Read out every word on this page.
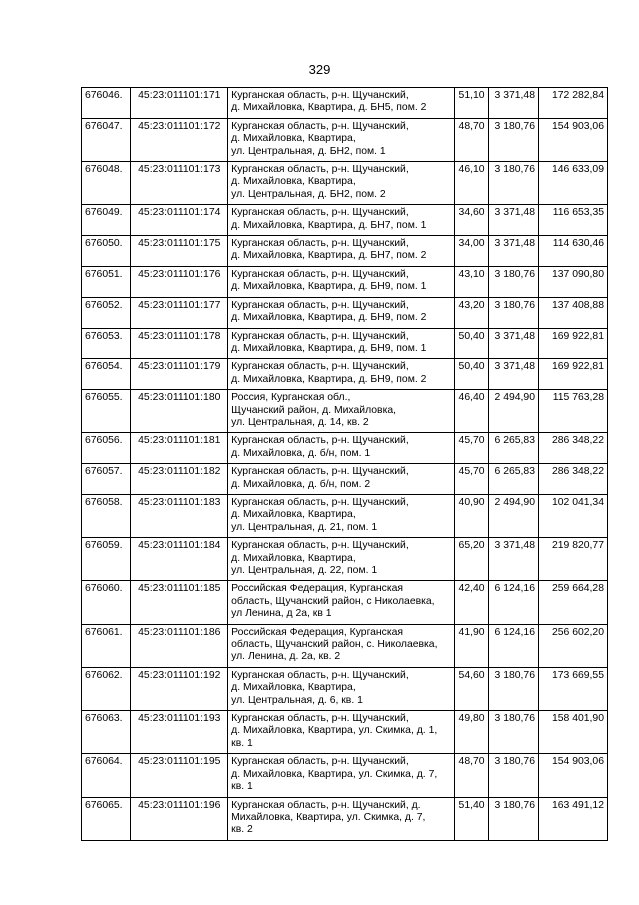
329
676046.	45:23:011101:171	Курганская область, р-н. Щучанский,
д. Михайловка, Квартира, д. БН5, пом. 2	51,10	3 371,48	172 282,84
676047.	45:23:011101:172	Курганская область, р-н. Щучанский,
д. Михайловка, Квартира,
ул. Центральная, д. БН2, пом. 1	48,70	3 180,76	154 903,06
676048.	45:23:011101:173	Курганская область, р-н. Щучанский,
д. Михайловка, Квартира,
ул. Центральная, д. БН2, пом. 2	46,10	3 180,76	146 633,09
676049.	45:23:011101:174	Курганская область, р-н. Щучанский,
д. Михайловка, Квартира, д. БН7, пом. 1	34,60	3 371,48	116 653,35
676050.	45:23:011101:175	Курганская область, р-н. Щучанский,
д. Михайловка, Квартира, д. БН7, пом. 2	34,00	3 371,48	114 630,46
676051.	45:23:011101:176	Курганская область, р-н. Щучанский,
д. Михайловка, Квартира, д. БН9, пом. 1	43,10	3 180,76	137 090,80
676052.	45:23:011101:177	Курганская область, р-н. Щучанский,
д. Михайловка, Квартира, д. БН9, пом. 2	43,20	3 180,76	137 408,88
676053.	45:23:011101:178	Курганская область, р-н. Щучанский,
д. Михайловка, Квартира, д. БН9, пом. 1	50,40	3 371,48	169 922,81
676054.	45:23:011101:179	Курганская область, р-н. Щучанский,
д. Михайловка, Квартира, д. БН9, пом. 2	50,40	3 371,48	169 922,81
676055.	45:23:011101:180	Россия, Курганская обл.,
Щучанский район, д. Михайловка,
ул. Центральная, д. 14, кв. 2	46,40	2 494,90	115 763,28
676056.	45:23:011101:181	Курганская область, р-н. Щучанский,
д. Михайловка, д. б/н, пом. 1	45,70	6 265,83	286 348,22
676057.	45:23:011101:182	Курганская область, р-н. Щучанский,
д. Михайловка, д. б/н, пом. 2	45,70	6 265,83	286 348,22
676058.	45:23:011101:183	Курганская область, р-н. Щучанский,
д. Михайловка, Квартира,
ул. Центральная, д. 21, пом. 1	40,90	2 494,90	102 041,34
676059.	45:23:011101:184	Курганская область, р-н. Щучанский,
д. Михайловка, Квартира,
ул. Центральная, д. 22, пом. 1	65,20	3 371,48	219 820,77
676060.	45:23:011101:185	Российская Федерация, Курганская
область, Щучанский район, с Николаевка,
ул Ленина, д 2а, кв 1	42,40	6 124,16	259 664,28
676061.	45:23:011101:186	Российская Федерация, Курганская
область, Щучанский район, с. Николаевка,
ул. Ленина, д. 2а, кв. 2	41,90	6 124,16	256 602,20
676062.	45:23:011101:192	Курганская область, р-н. Щучанский,
д. Михайловка, Квартира,
ул. Центральная, д. 6, кв. 1	54,60	3 180,76	173 669,55
676063.	45:23:011101:193	Курганская область, р-н. Щучанский,
д. Михайловка, Квартира, ул. Скимка, д. 1,
кв. 1	49,80	3 180,76	158 401,90
676064.	45:23:011101:195	Курганская область, р-н. Щучанский,
д. Михайловка, Квартира, ул. Скимка, д. 7,
кв. 1	48,70	3 180,76	154 903,06
676065.	45:23:011101:196	Курганская область, р-н. Щучанский, д.
Михайловка, Квартира, ул. Скимка, д. 7,
кв. 2	51,40	3 180,76	163 491,12
